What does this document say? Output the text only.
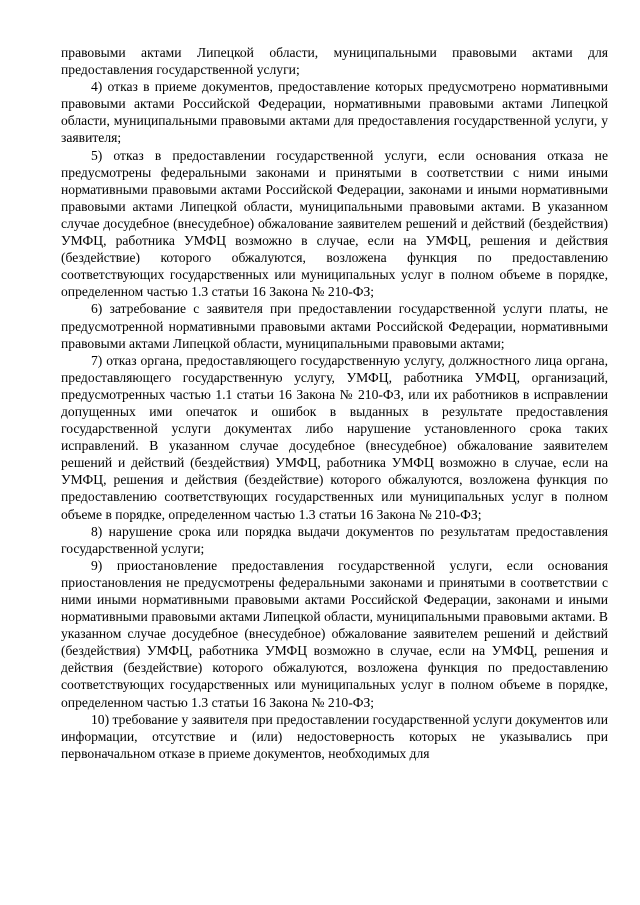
правовыми актами Липецкой области, муниципальными правовыми актами для предоставления государственной услуги;

4) отказ в приеме документов, предоставление которых предусмотрено нормативными правовыми актами Российской Федерации, нормативными правовыми актами Липецкой области, муниципальными правовыми актами для предоставления государственной услуги, у заявителя;

5) отказ в предоставлении государственной услуги, если основания отказа не предусмотрены федеральными законами и принятыми в соответствии с ними иными нормативными правовыми актами Российской Федерации, законами и иными нормативными правовыми актами Липецкой области, муниципальными правовыми актами. В указанном случае досудебное (внесудебное) обжалование заявителем решений и действий (бездействия) УМФЦ, работника УМФЦ возможно в случае, если на УМФЦ, решения и действия (бездействие) которого обжалуются, возложена функция по предоставлению соответствующих государственных или муниципальных услуг в полном объеме в порядке, определенном частью 1.3 статьи 16 Закона № 210-ФЗ;

6) затребование с заявителя при предоставлении государственной услуги платы, не предусмотренной нормативными правовыми актами Российской Федерации, нормативными правовыми актами Липецкой области, муниципальными правовыми актами;

7) отказ органа, предоставляющего государственную услугу, должностного лица органа, предоставляющего государственную услугу, УМФЦ, работника УМФЦ, организаций, предусмотренных частью 1.1 статьи 16 Закона № 210-ФЗ, или их работников в исправлении допущенных ими опечаток и ошибок в выданных в результате предоставления государственной услуги документах либо нарушение установленного срока таких исправлений. В указанном случае досудебное (внесудебное) обжалование заявителем решений и действий (бездействия) УМФЦ, работника УМФЦ возможно в случае, если на УМФЦ, решения и действия (бездействие) которого обжалуются, возложена функция по предоставлению соответствующих государственных или муниципальных услуг в полном объеме в порядке, определенном частью 1.3 статьи 16 Закона № 210-ФЗ;

8) нарушение срока или порядка выдачи документов по результатам предоставления государственной услуги;

9) приостановление предоставления государственной услуги, если основания приостановления не предусмотрены федеральными законами и принятыми в соответствии с ними иными нормативными правовыми актами Российской Федерации, законами и иными нормативными правовыми актами Липецкой области, муниципальными правовыми актами. В указанном случае досудебное (внесудебное) обжалование заявителем решений и действий (бездействия) УМФЦ, работника УМФЦ возможно в случае, если на УМФЦ, решения и действия (бездействие) которого обжалуются, возложена функция по предоставлению соответствующих государственных или муниципальных услуг в полном объеме в порядке, определенном частью 1.3 статьи 16 Закона № 210-ФЗ;

10) требование у заявителя при предоставлении государственной услуги документов или информации, отсутствие и (или) недостоверность которых не указывались при первоначальном отказе в приеме документов, необходимых для
